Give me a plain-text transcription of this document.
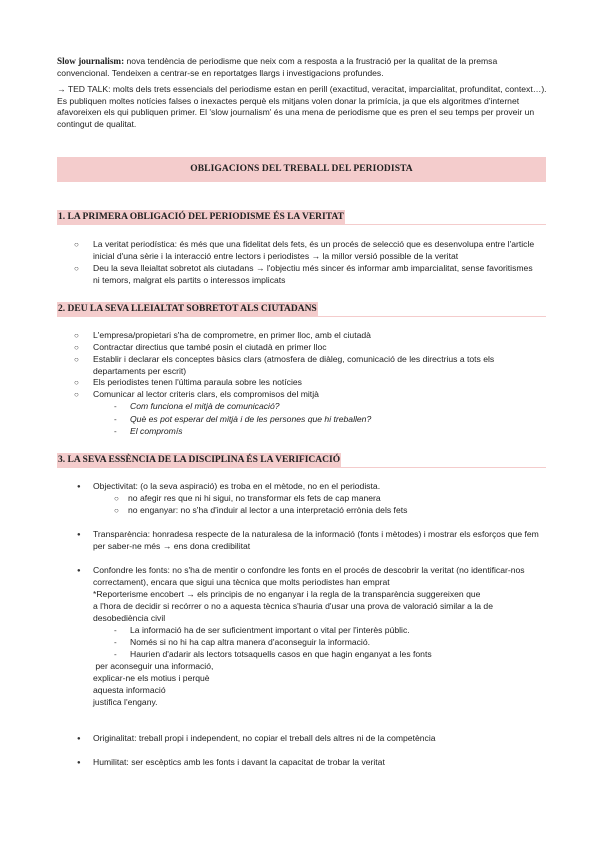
Slow journalism: nova tendència de periodisme que neix com a resposta a la frustració per la qualitat de la premsa convencional. Tendeixen a centrar-se en reportatges llargs i investigacions profundes.
→ TED TALK: molts dels trets essencials del periodisme estan en perill (exactitud, veracitat, imparcialitat, profunditat, context…). Es publiquen moltes notícies falses o inexactes perquè els mitjans volen donar la primícia, ja que els algoritmes d'internet afavoreixen els qui publiquen primer. El 'slow journalism' és una mena de periodisme que es pren el seu temps per proveir un contingut de qualitat.
OBLIGACIONS DEL TREBALL DEL PERIODISTA
1. LA PRIMERA OBLIGACIÓ DEL PERIODISME ÉS LA VERITAT
○ La veritat periodística: és més que una fidelitat dels fets, és un procés de selecció que es desenvolupa entre l'article inicial d'una sèrie i la interacció entre lectors i periodistes → la millor versió possible de la veritat
○ Deu la seva lleialtat sobretot als ciutadans → l'objectiu més sincer és informar amb imparcialitat, sense favoritismes ni temors, malgrat els partits o interessos implicats
2. DEU LA SEVA LLEIALTAT SOBRETOT ALS CIUTADANS
○ L'empresa/propietari s'ha de comprometre, en primer lloc, amb el ciutadà
○ Contractar directius que també posin el ciutadà en primer lloc
○ Establir i declarar els conceptes bàsics clars (atmosfera de diàleg, comunicació de les directrius a tots els departaments per escrit)
○ Els periodistes tenen l'última paraula sobre les notícies
○ Comunicar al lector criteris clars, els compromisos del mitjà
- Com funciona el mitjà de comunicació?
- Què es pot esperar del mitjà i de les persones que hi treballen?
- El compromís
3. LA SEVA ESSÈNCIA DE LA DISCIPLINA ÉS LA VERIFICACIÓ
● Objectivitat: (o la seva aspiració) es troba en el mètode, no en el periodista.
○ no afegir res que ni hi sigui, no transformar els fets de cap manera
○ no enganyar: no s'ha d'induir al lector a una interpretació errònia dels fets
● Transparència: honradesa respecte de la naturalesa de la informació (fonts i mètodes) i mostrar els esforços que fem per saber-ne més → ens dona credibilitat
● Confondre les fonts: no s'ha de mentir o confondre les fonts en el procés de descobrir la veritat (no identificar-nos correctament), encara que sigui una tècnica que molts periodistes han emprat
*Reporterisme encobert → els principis de no enganyar i la regla de la transparència suggereixen que
a l'hora de decidir si recórrer o no a aquesta tècnica s'hauria d'usar una prova de valoració similar a la de desobediència civil
- La informació ha de ser suficientment important o vital per l'interès públic.
- Només si no hi ha cap altra manera d'aconseguir la informació.
- Haurien d'adarir als lectors totsaquells casos en que hagin enganyat a les fonts
per aconseguir una informació,
explicar-ne els motius i perquè
aquesta informació
justifica l'engany.
● Originalitat: treball propi i independent, no copiar el treball dels altres ni de la competència
● Humilitat: ser escèptics amb les fonts i davant la capacitat de trobar la veritat
